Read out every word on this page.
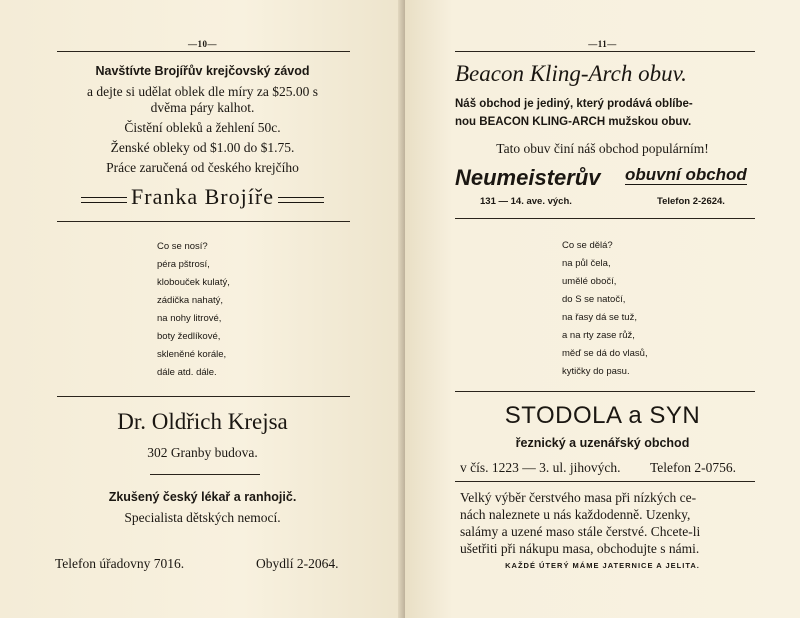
—10—
Navštívte Brojířův krejčovský závod
a dejte si udělat oblek dle míry za $25.00 s
dvěma páry kalhot.
Čistění obleků a žehlení 50c.
Ženské obleky od $1.00 do $1.75.
Práce zaručená od českého krejčího
Franka Brojíře
Co se nosí?
péra pštrosí,
klobouček kulatý,
zádička nahatý,
na nohy litrové,
boty žedlíkové,
skleněné korále,
dále atd. dále.
Dr. Oldřich Krejsa
302 Granby budova.
Zkušený český lékař a ranhojič.
Specialista dětských nemocí.
Telefon úřadovny 7016.	Obydlí 2-2064.
—11—
Beacon Kling-Arch obuv.
Náš obchod je jediný, který prodává oblíbe-
nou BEACON KLING-ARCH mužskou obuv.
Tato obuv činí náš obchod populárním!
Neumeisterův obuvní obchod
131 — 14. ave. vých.	Telefon 2-2624.
Co se dělá?
na půl čela,
umělé obočí,
do S se natočí,
na řasy dá se tuž,
a na rty zase růž,
měď se dá do vlasů,
kytičky do pasu.
STODOLA a SYN
řeznický a uzenářský obchod
v čís. 1223 — 3. ul. jihových. Telefon 2-0756.
Velký výběr čerstvého masa při nízkých ce-
nách naleznete u nás každodenně. Uzenky,
salámy a uzené maso stále čerstvé. Chcete-li
ušetřiti při nákupu masa, obchodujte s námi.
KAŽDÉ ÚTERÝ MÁME JATERNICE A JELITA.
